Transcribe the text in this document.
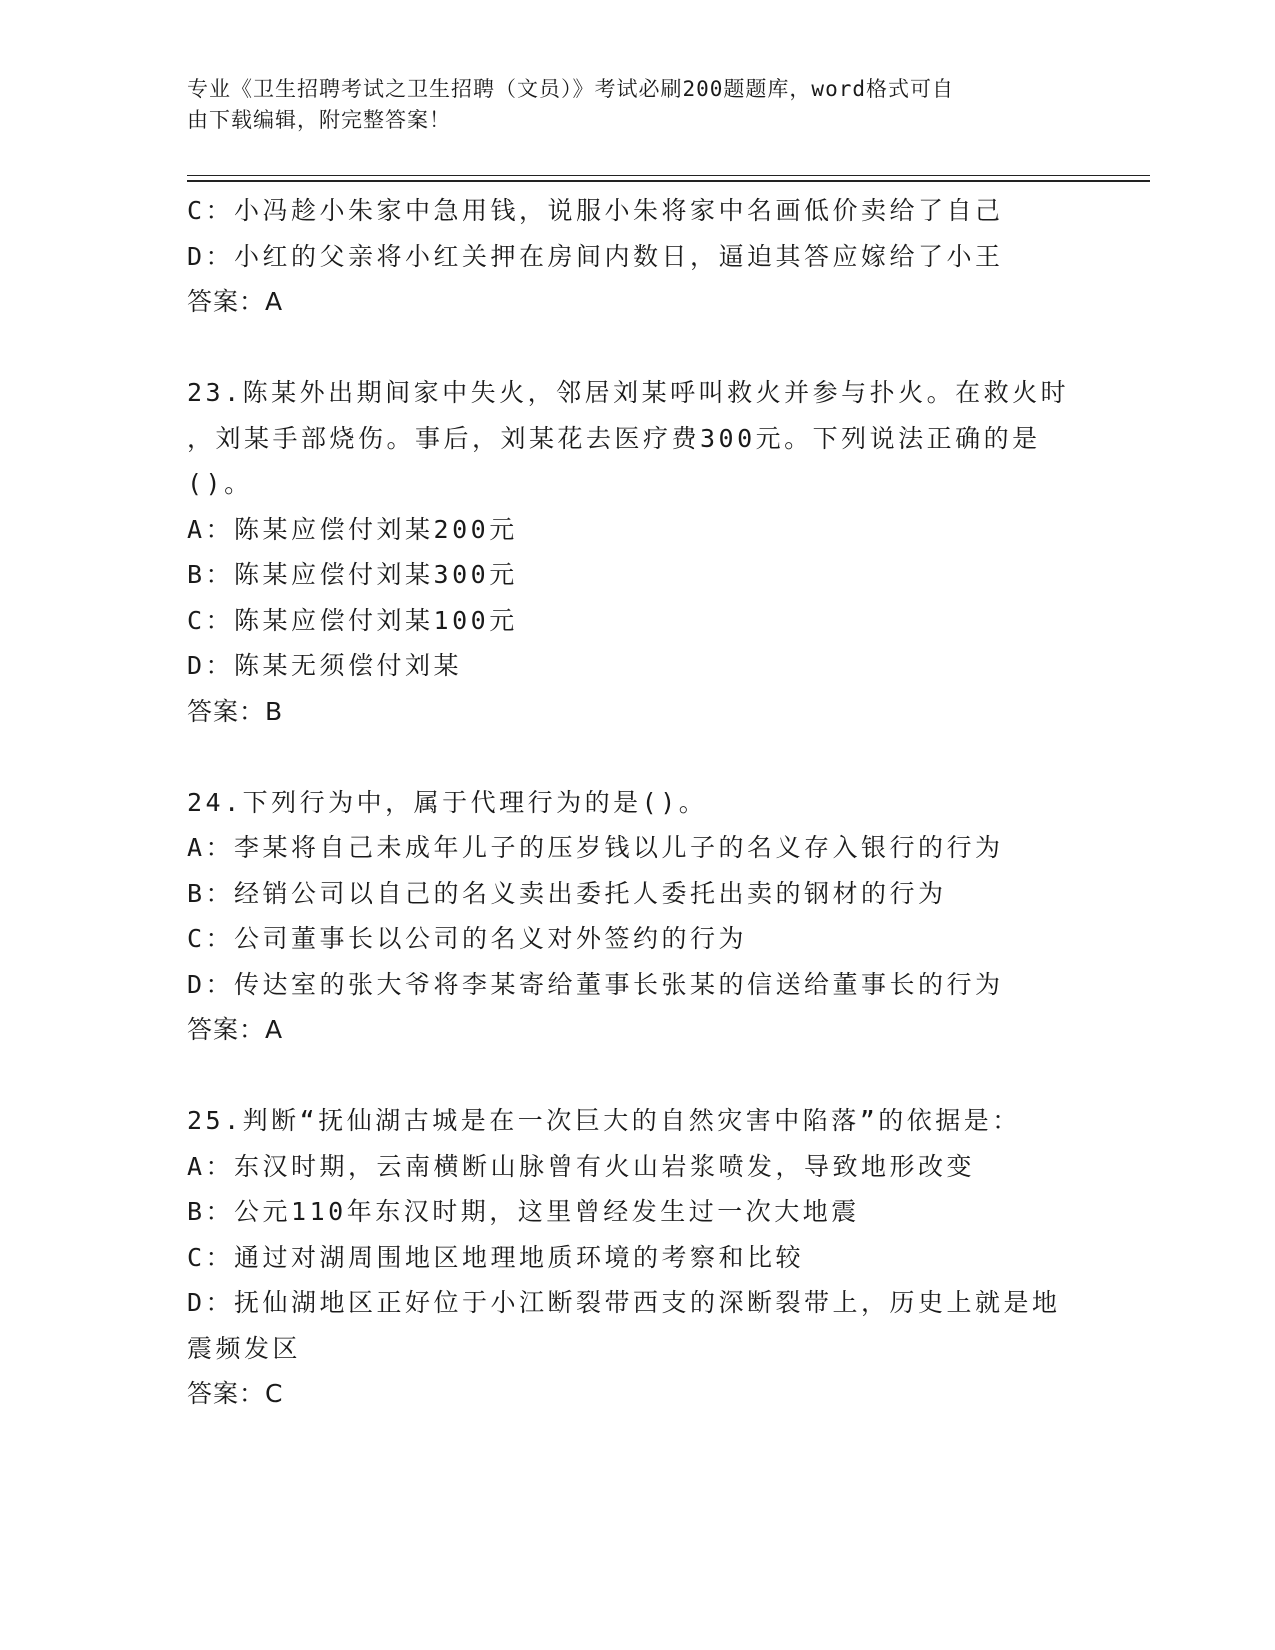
专业《卫生招聘考试之卫生招聘（文员）》考试必刷200题题库，word格式可自
由下载编辑，附完整答案！

C：小冯趁小朱家中急用钱，说服小朱将家中名画低价卖给了自己

D：小红的父亲将小红关押在房间内数日，逼迫其答应嫁给了小王

答案：A

23.陈某外出期间家中失火，邻居刘某呼叫救火并参与扑火。在救火时

，刘某手部烧伤。事后，刘某花去医疗费300元。下列说法正确的是

()。

A：陈某应偿付刘某200元

B：陈某应偿付刘某300元

C：陈某应偿付刘某100元

D：陈某无须偿付刘某

答案：B

24.下列行为中，属于代理行为的是()。

A：李某将自己未成年儿子的压岁钱以儿子的名义存入银行的行为

B：经销公司以自己的名义卖出委托人委托出卖的钢材的行为

C：公司董事长以公司的名义对外签约的行为

D：传达室的张大爷将李某寄给董事长张某的信送给董事长的行为

答案：A

25.判断“抚仙湖古城是在一次巨大的自然灾害中陷落”的依据是：

A：东汉时期，云南横断山脉曾有火山岩浆喷发，导致地形改变

B：公元110年东汉时期，这里曾经发生过一次大地震

C：通过对湖周围地区地理地质环境的考察和比较

D：抚仙湖地区正好位于小江断裂带西支的深断裂带上，历史上就是地

震频发区

答案：C
